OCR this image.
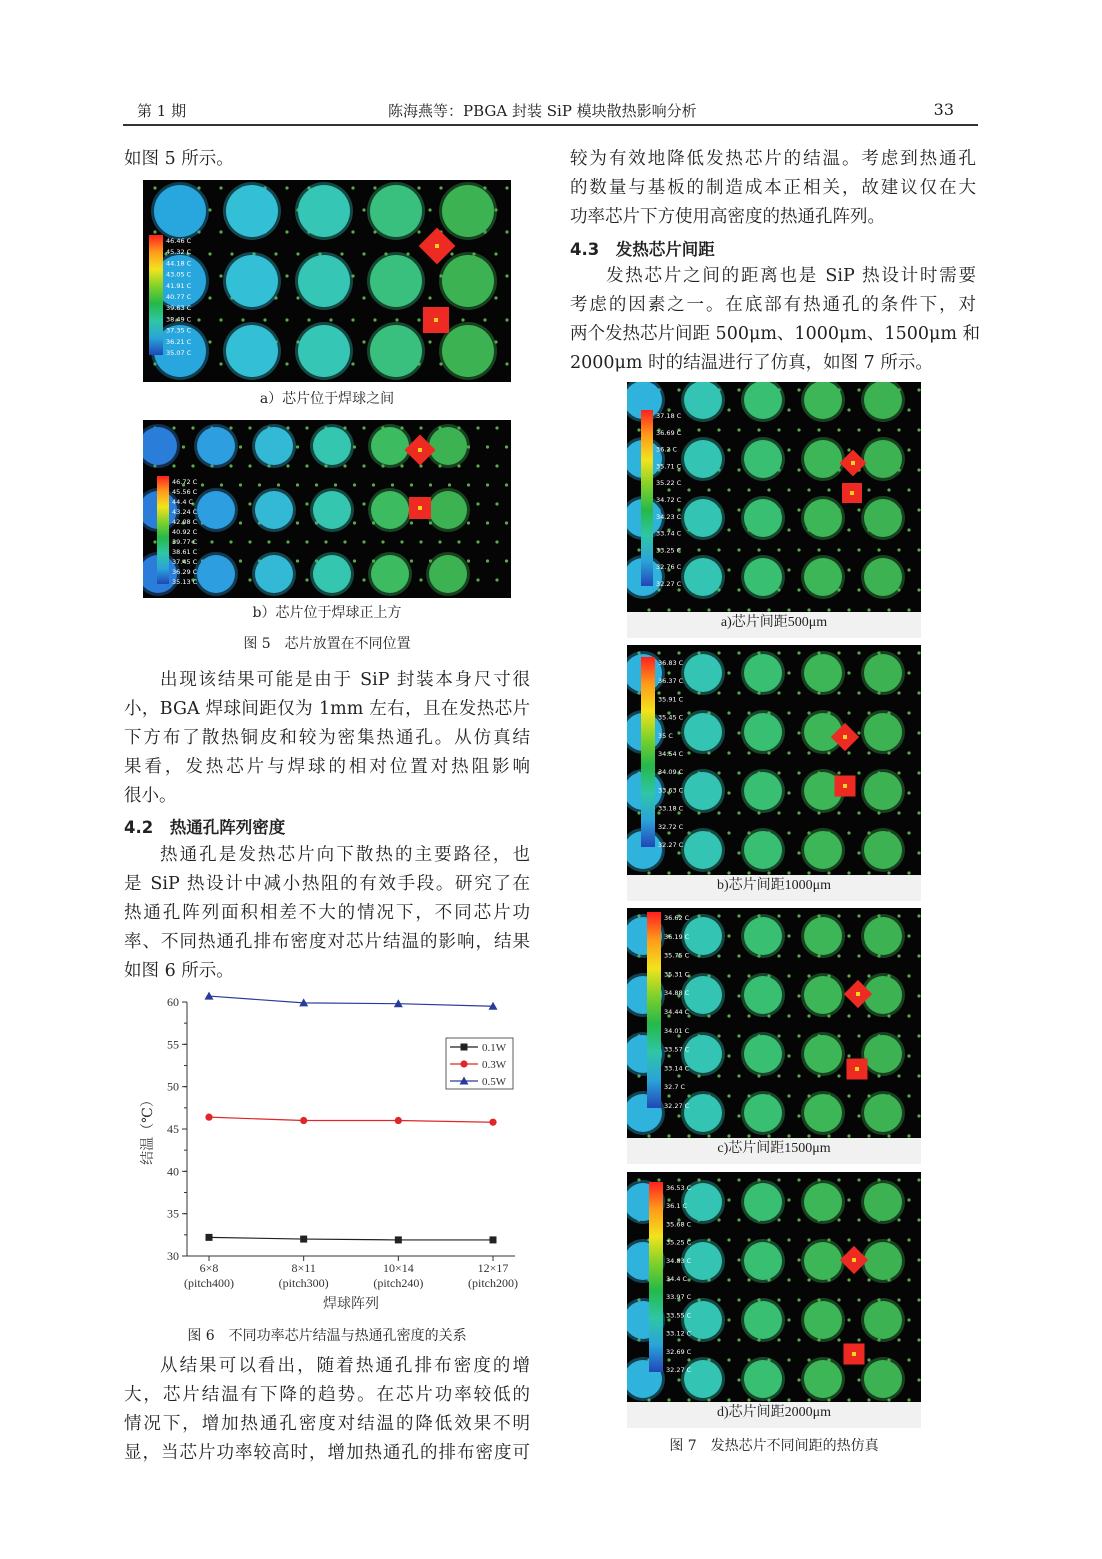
第 1 期	陈海燕等：PBGA 封装 SiP 模块散热影响分析	33

如图 5 所示。

46.46 C
45.32 C
44.18 C
43.05 C
41.91 C
40.77 C
39.63 C
38.49 C
37.35 C
36.21 C
35.07 C
a）芯片位于焊球之间
46.72 C
45.56 C
44.4 C
43.24 C
42.08 C
40.92 C
39.77 C
38.61 C
37.45 C
36.29 C
35.13 C
b）芯片位于焊球正上方
图 5　芯片放置在不同位置

出现该结果可能是由于 SiP 封装本身尺寸很
小，BGA 焊球间距仅为 1mm 左右，且在发热芯片
下方布了散热铜皮和较为密集热通孔。从仿真结
果看，发热芯片与焊球的相对位置对热阻影响
很小。

4.2　热通孔阵列密度

热通孔是发热芯片向下散热的主要路径，也
是 SiP 热设计中减小热阻的有效手段。研究了在
热通孔阵列面积相差不大的情况下，不同芯片功
率、不同热通孔排布密度对芯片结温的影响，结果
如图 6 所示。

30
35
40
45
50
55
60
6×8
(pitch400)
8×11
(pitch300)
10×14
(pitch240)
12×17
(pitch200)
焊球阵列
结温（℃）
0.1W
0.3W
0.5W
图 6　不同功率芯片结温与热通孔密度的关系

从结果可以看出，随着热通孔排布密度的增
大，芯片结温有下降的趋势。在芯片功率较低的
情况下，增加热通孔密度对结温的降低效果不明
显，当芯片功率较高时，增加热通孔的排布密度可

较为有效地降低发热芯片的结温。考虑到热通孔
的数量与基板的制造成本正相关，故建议仅在大
功率芯片下方使用高密度的热通孔阵列。

4.3　发热芯片间距

发热芯片之间的距离也是 SiP 热设计时需要
考虑的因素之一。在底部有热通孔的条件下，对
两个发热芯片间距 500μm、1000μm、1500μm 和
2000μm 时的结温进行了仿真，如图 7 所示。

37.18 C
36.69 C
36.2 C
35.71 C
35.22 C
34.72 C
34.23 C
33.74 C
33.25 C
32.76 C
32.27 C
a)芯片间距500μm
36.83 C
36.37 C
35.91 C
35.45 C
35 C
34.54 C
34.09 C
33.63 C
33.18 C
32.72 C
32.27 C
b)芯片间距1000μm
36.62 C
36.19 C
35.75 C
35.31 C
34.88 C
34.44 C
34.01 C
33.57 C
33.14 C
32.7 C
32.27 C
c)芯片间距1500μm
36.53 C
36.1 C
35.68 C
35.25 C
34.83 C
34.4 C
33.97 C
33.55 C
33.12 C
32.69 C
32.27 C
d)芯片间距2000μm
图 7　发热芯片不同间距的热仿真
